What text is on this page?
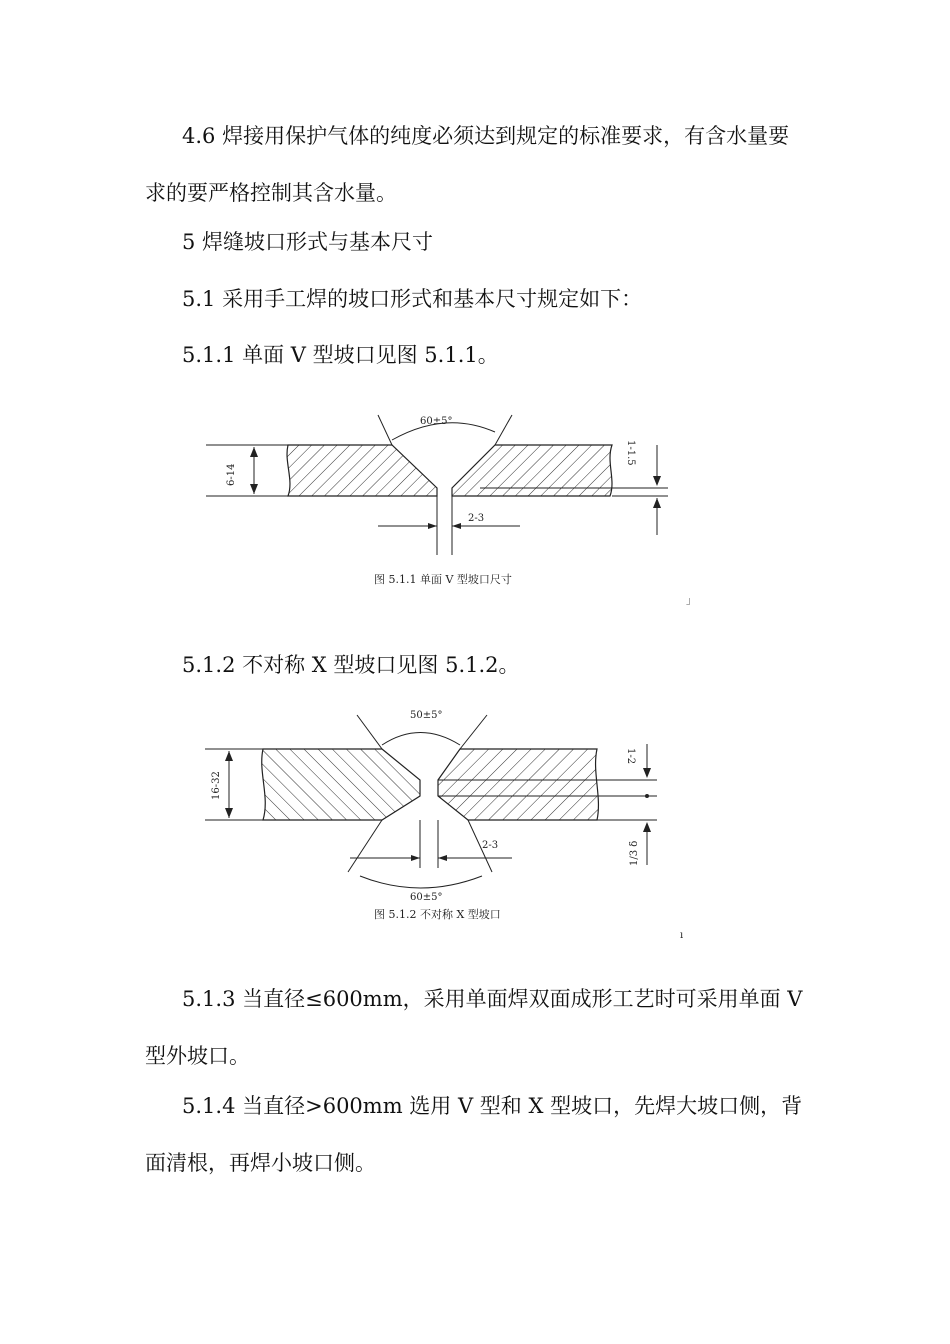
4.6 焊接用保护气体的纯度必须达到规定的标准要求，有含水量要求的要严格控制其含水量。

5 焊缝坡口形式与基本尺寸

5.1 采用手工焊的坡口形式和基本尺寸规定如下：

5.1.1 单面 V 型坡口见图 5.1.1。

60±5°
6-14
1-1.5
2-3
图 5.1.1 单面 V 型坡口尺寸
」

5.1.2 不对称 X 型坡口见图 5.1.2。

50±5°
60±5°
16-32
1-2
1/3 δ
2-3
图 5.1.2 不对称 X 型坡口
ı

5.1.3 当直径≤600mm，采用单面焊双面成形工艺时可采用单面 V 型外坡口。

5.1.4 当直径>600mm 选用 V 型和 X 型坡口，先焊大坡口侧，背面清根，再焊小坡口侧。
